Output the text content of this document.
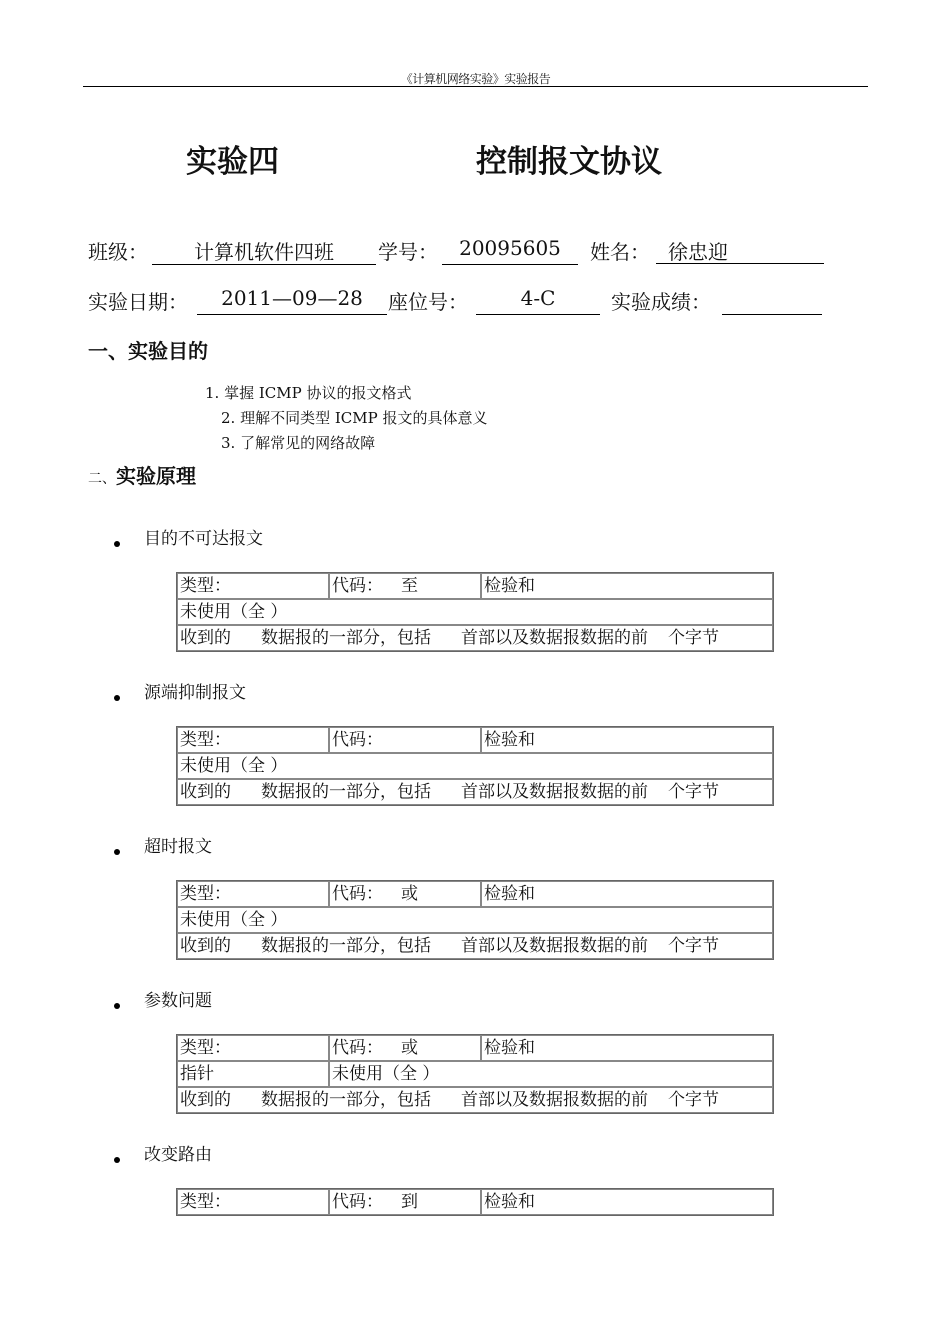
《计算机网络实验》实验报告
实验四	控制报文协议
班级：	计算机软件四班	学号：	20095605	姓名： 徐忠迎
实验日期：	2011—09—28	座位号：	4-C	实验成绩：
一、实验目的
1. 掌握 ICMP 协议的报文格式
2. 理解不同类型 ICMP 报文的具体意义
3. 了解常见的网络故障
二、实验原理
目的不可达报文
类型：	代码： 至	检验和
未使用（全 ）
收到的 数据报的一部分，包括 首部以及数据报数据的前 个字节
源端抑制报文
类型：	代码：	检验和
未使用（全 ）
收到的 数据报的一部分，包括 首部以及数据报数据的前 个字节
超时报文
类型：	代码： 或	检验和
未使用（全 ）
收到的 数据报的一部分，包括 首部以及数据报数据的前 个字节
参数问题
类型：	代码： 或	检验和
指针	未使用（全 ）	
收到的 数据报的一部分，包括 首部以及数据报数据的前 个字节		
改变路由
类型：	代码： 到	检验和
